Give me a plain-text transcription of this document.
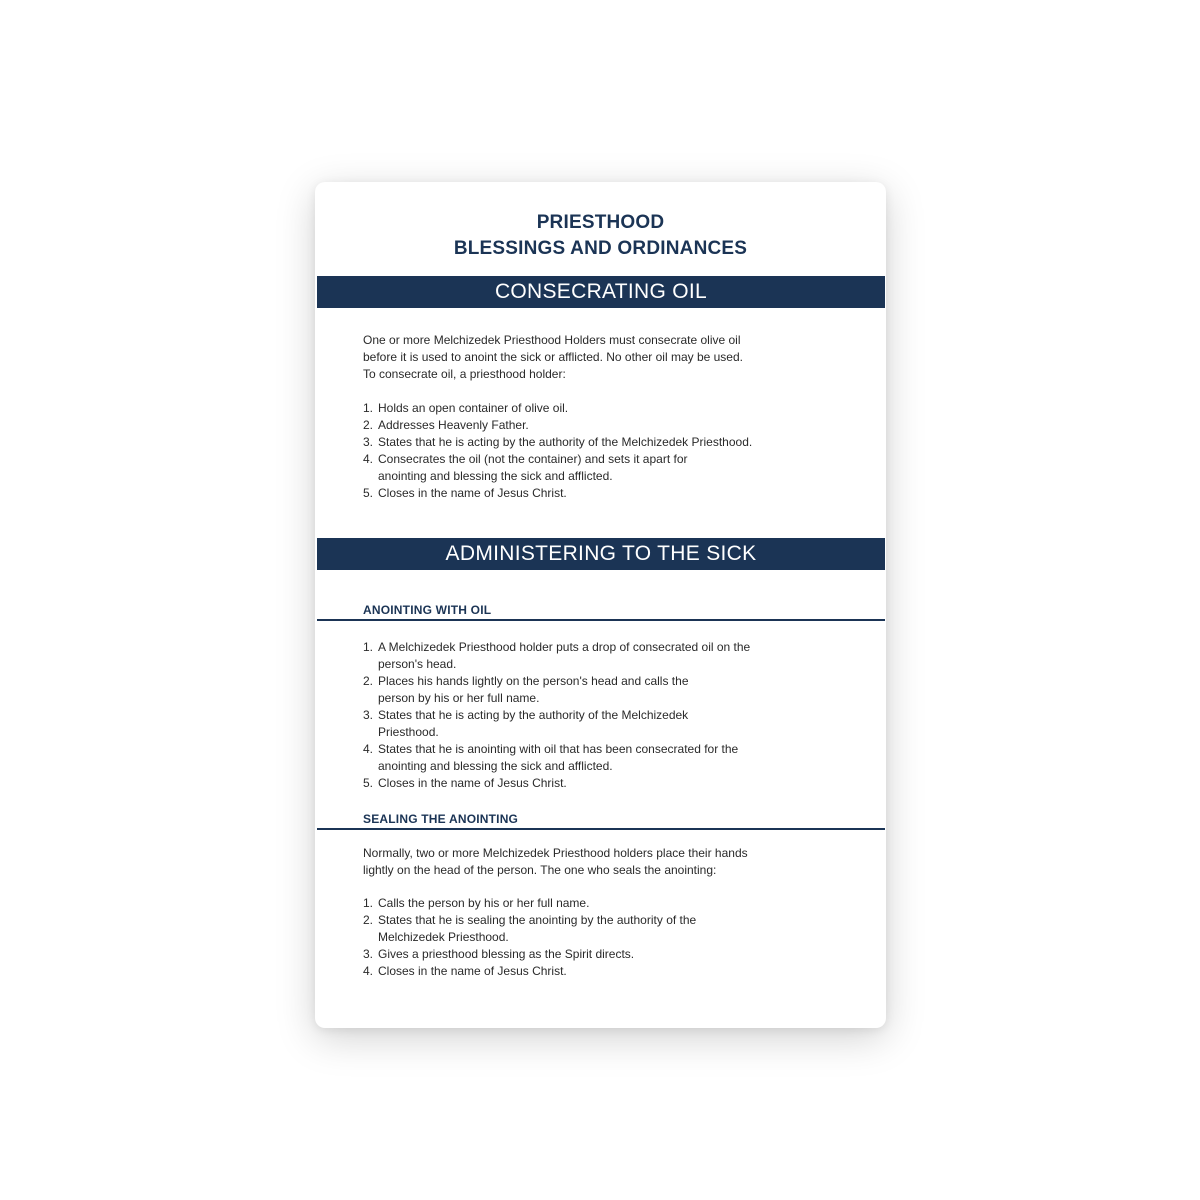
PRIESTHOOD
BLESSINGS AND ORDINANCES
CONSECRATING OIL

One or more Melchizedek Priesthood Holders must consecrate olive oil

before it is used to anoint the sick or afflicted. No other oil may be used.

To consecrate oil, a priesthood holder:

1. Holds an open container of olive oil.
2. Addresses Heavenly Father.
3. States that he is acting by the authority of the Melchizedek Priesthood.
4. Consecrates the oil (not the container) and sets it apart for
anointing and blessing the sick and afflicted.
5. Closes in the name of Jesus Christ.
ADMINISTERING TO THE SICK
ANOINTING WITH OIL
1. A Melchizedek Priesthood holder puts a drop of consecrated oil on the
person's head.
2. Places his hands lightly on the person's head and calls the
person by his or her full name.
3. States that he is acting by the authority of the Melchizedek
Priesthood.
4. States that he is anointing with oil that has been consecrated for the
anointing and blessing the sick and afflicted.
5. Closes in the name of Jesus Christ.
SEALING THE ANOINTING

Normally, two or more Melchizedek Priesthood holders place their hands

lightly on the head of the person. The one who seals the anointing:

1. Calls the person by his or her full name.
2. States that he is sealing the anointing by the authority of the
Melchizedek Priesthood.
3. Gives a priesthood blessing as the Spirit directs.
4. Closes in the name of Jesus Christ.
